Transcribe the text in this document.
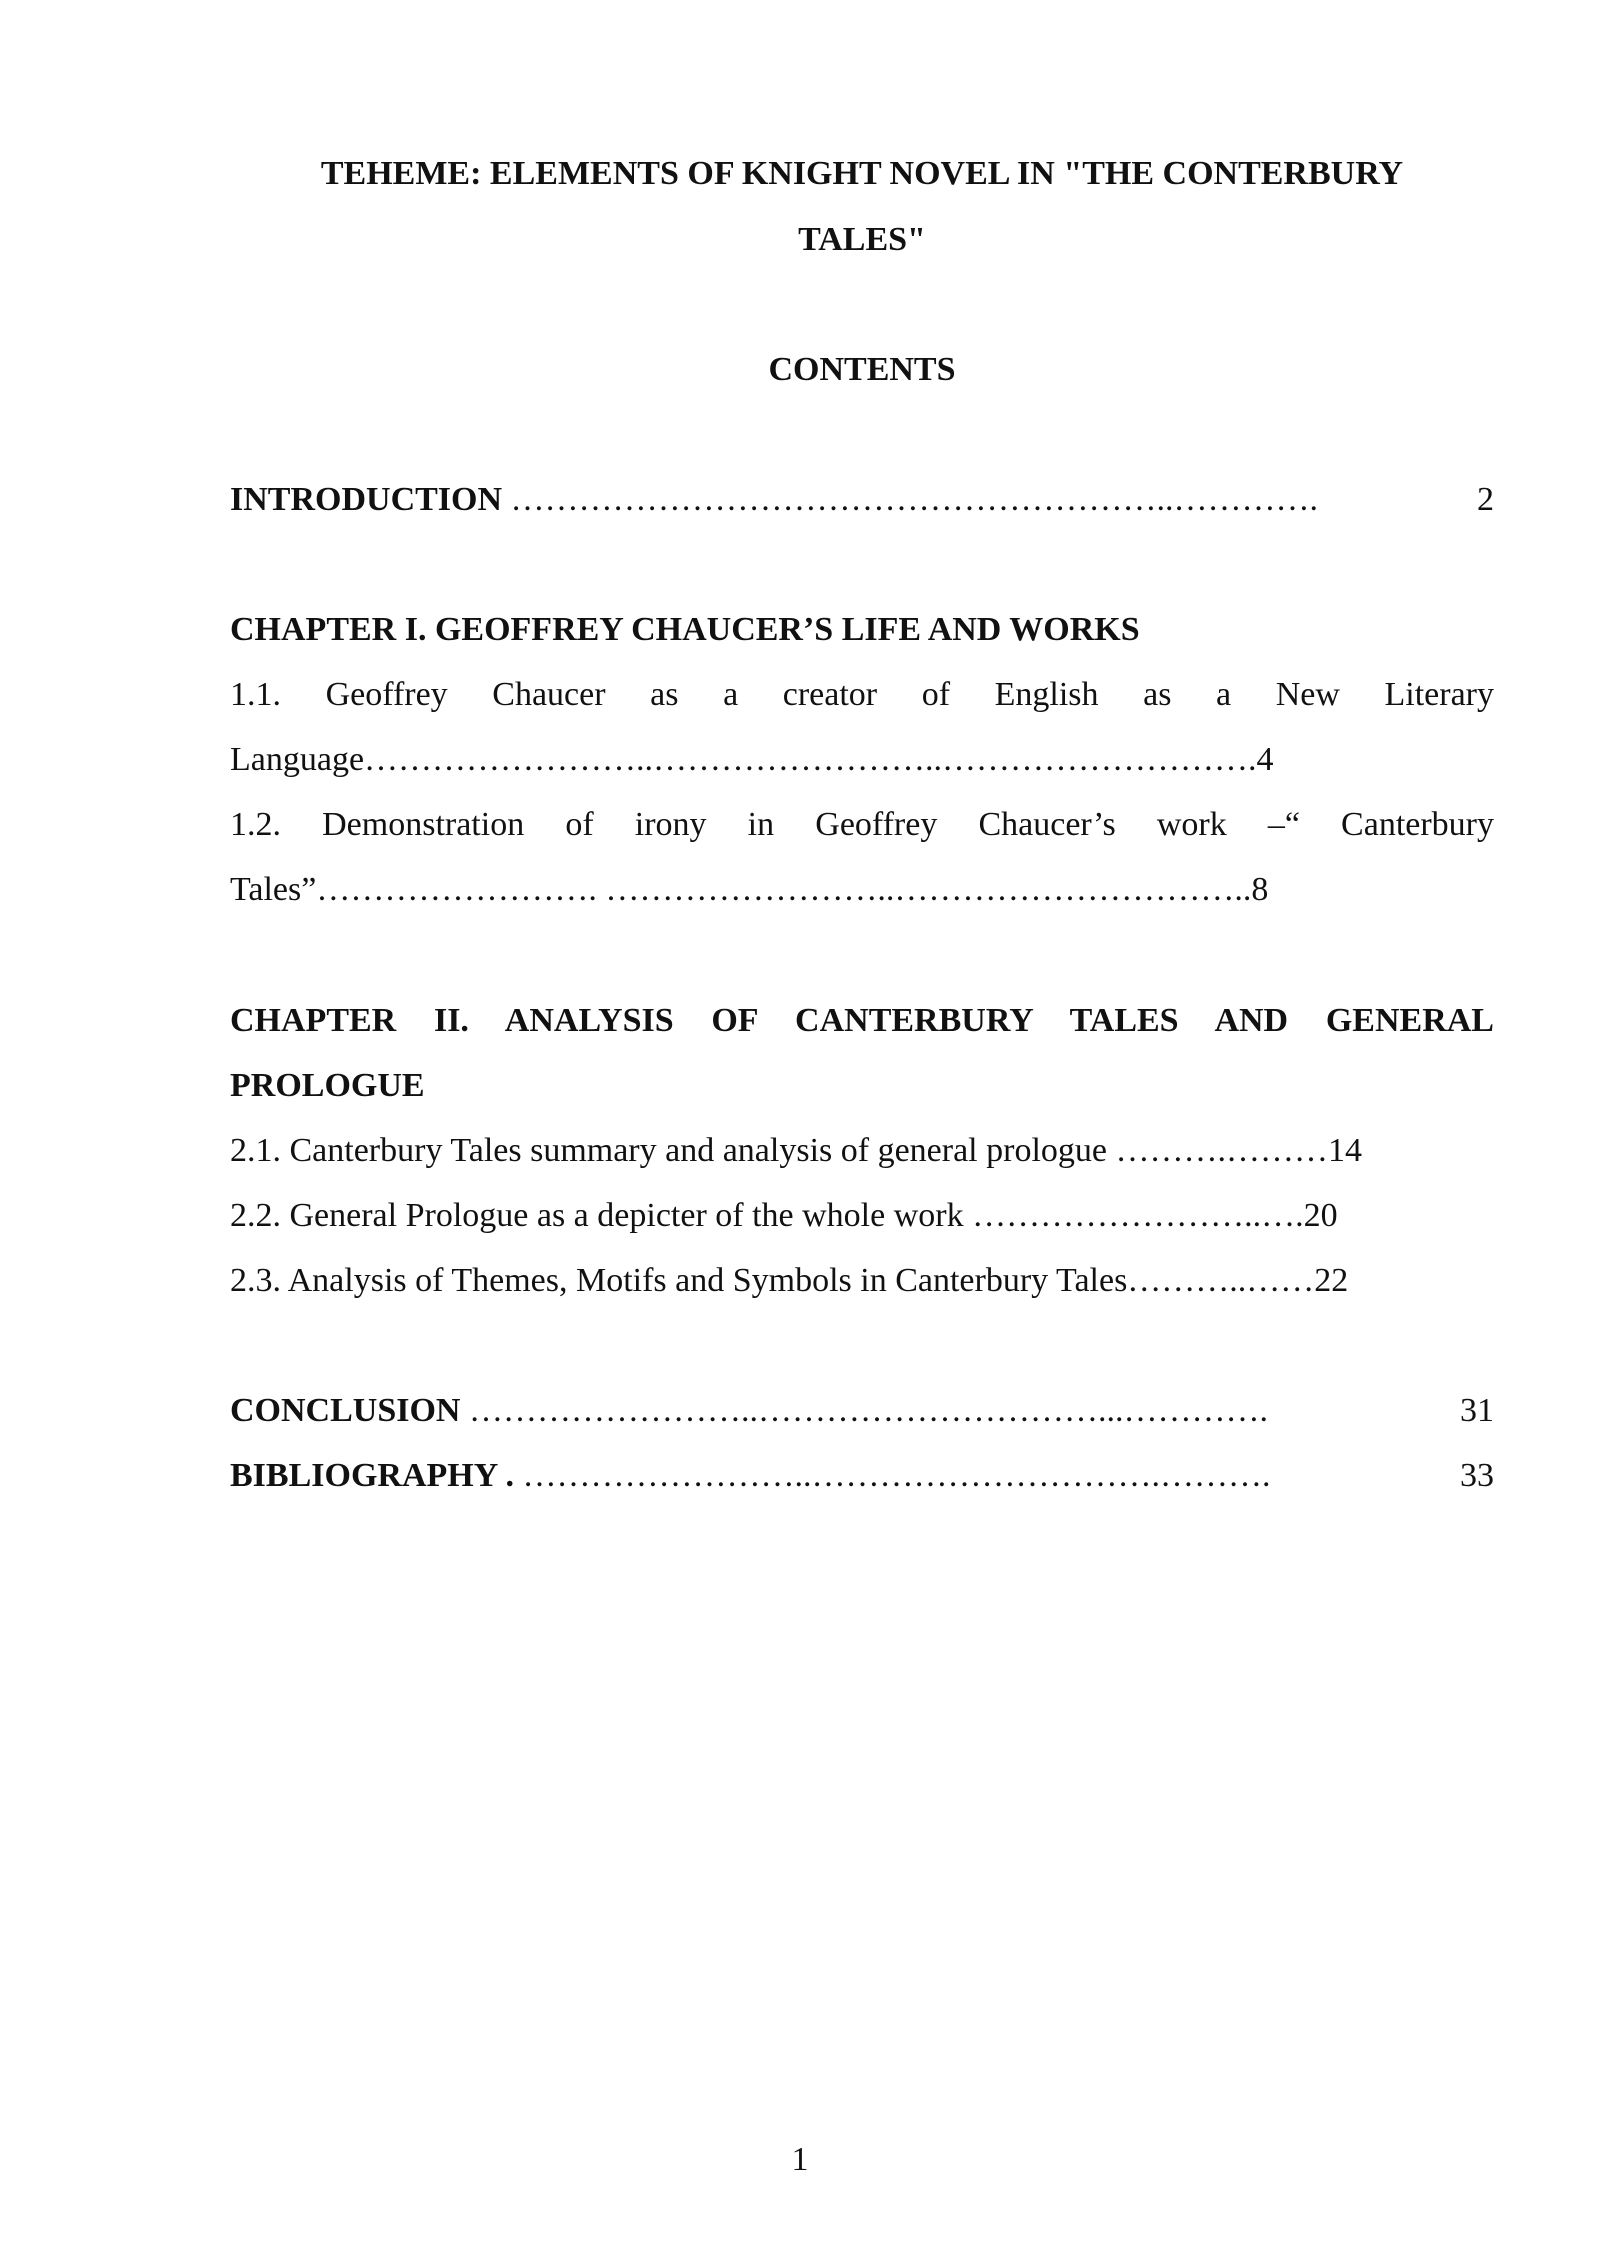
TEHEME: ELEMENTS OF KNIGHT NOVEL IN "THE CONTERBURY
TALES"
CONTENTS
INTRODUCTION …………………………………………………..………….	2
CHAPTER I. GEOFFREY CHAUCER’S LIFE AND WORKS
1.1. Geoffrey Chaucer as a creator of English as a New Literary
Language……………………..……………………..……………………….4
1.2. Demonstration of irony in Geoffrey Chaucer’s work –“ Canterbury
Tales”……………………. ……………………..…………………………..8
CHAPTER II. ANALYSIS OF CANTERBURY TALES AND GENERAL
PROLOGUE
2.1. Canterbury Tales summary and analysis of general prologue ……….………14
2.2. General Prologue as a depicter of the whole work ……………………..….20
2.3. Analysis of Themes, Motifs and Symbols in Canterbury Tales………..……22
CONCLUSION ……………………..…………………………...………….	31
BIBLIOGRAPHY . ……………………..………………………….……….	33
1
